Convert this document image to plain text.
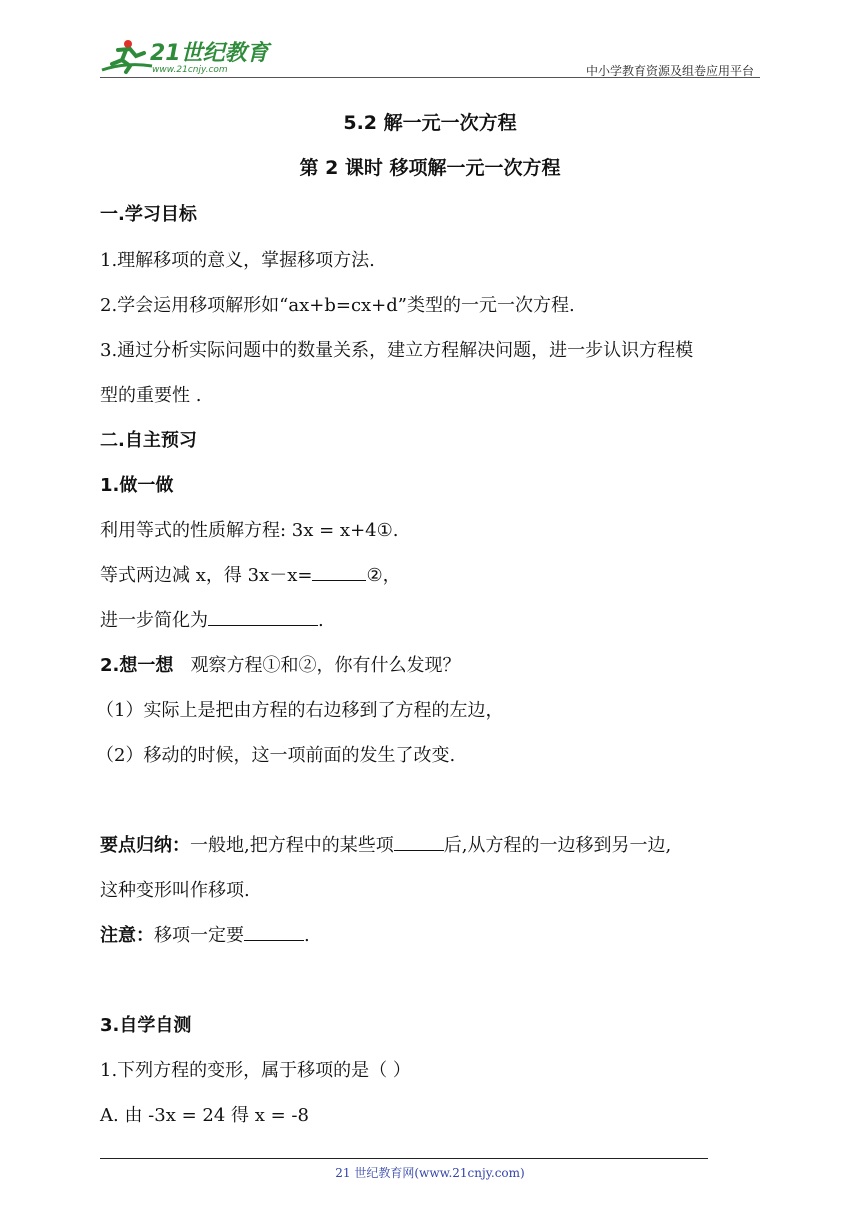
21世纪教育
www.21cnjy.com	中小学教育资源及组卷应用平台
5.2 解一元一次方程
第 2 课时 移项解一元一次方程
一.学习目标
1.理解移项的意义，掌握移项方法.
2.学会运用移项解形如“ax+b=cx+d”类型的一元一次方程.
3.通过分析实际问题中的数量关系，建立方程解决问题，进一步认识方程模
型的重要性 .
二.自主预习
1.做一做
利用等式的性质解方程: 3x = x+4①.
等式两边减 x，得 3x－x=	②，
进一步简化为	.
2.想一想   观察方程①和②，你有什么发现？
（1）实际上是把由方程的右边移到了方程的左边，
（2）移动的时候，这一项前面的发生了改变.
要点归纳：一般地,把方程中的某些项	后,从方程的一边移到另一边,
这种变形叫作移项.
注意：移项一定要	.
3.自学自测
1.下列方程的变形，属于移项的是（ ）
A. 由 -3x = 24 得 x = -8
21 世纪教育网(www.21cnjy.com)
